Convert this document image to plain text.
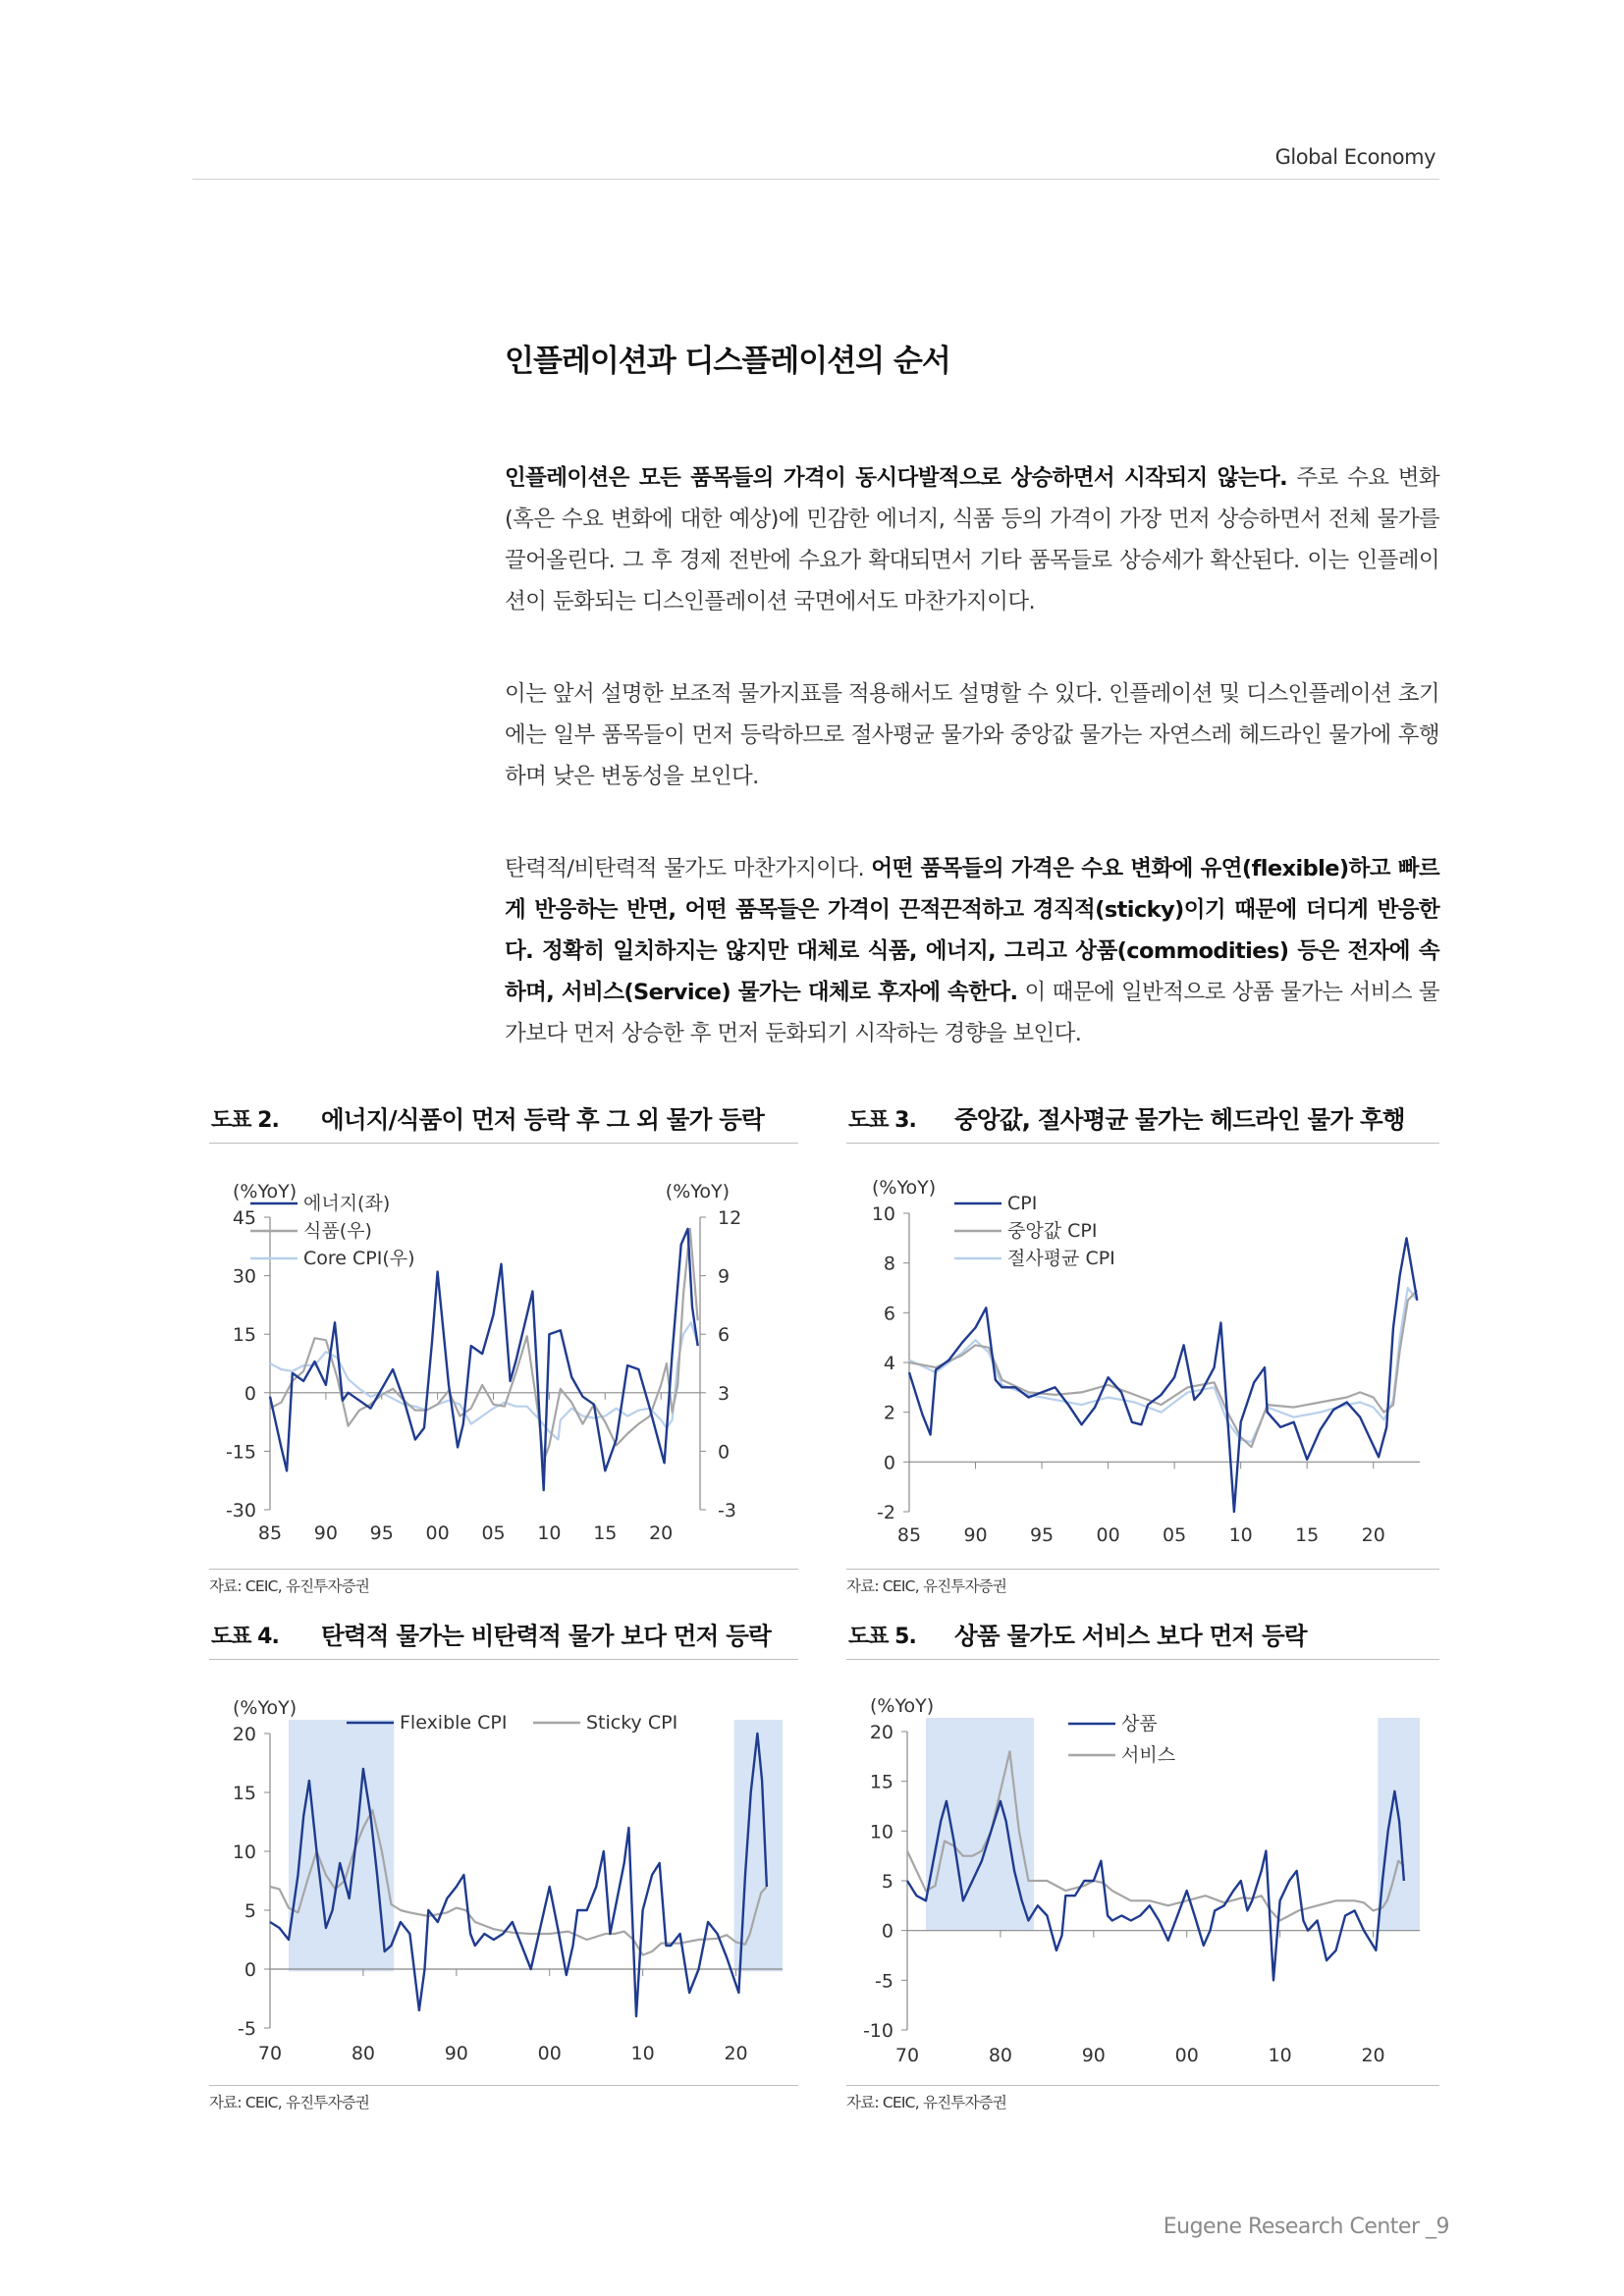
Global Economy
인플레이션과 디스플레이션의 순서

인플레이션은 모든 품목들의 가격이 동시다발적으로 상승하면서 시작되지 않는다. 주로 수요 변화(혹은 수요 변화에 대한 예상)에 민감한 에너지, 식품 등의 가격이 가장 먼저 상승하면서 전체 물가를 끌어올린다. 그 후 경제 전반에 수요가 확대되면서 기타 품목들로 상승세가 확산된다. 이는 인플레이션이 둔화되는 디스인플레이션 국면에서도 마찬가지이다.

이는 앞서 설명한 보조적 물가지표를 적용해서도 설명할 수 있다. 인플레이션 및 디스인플레이션 초기에는 일부 품목들이 먼저 등락하므로 절사평균 물가와 중앙값 물가는 자연스레 헤드라인 물가에 후행하며 낮은 변동성을 보인다.

탄력적/비탄력적 물가도 마찬가지이다. 어떤 품목들의 가격은 수요 변화에 유연(flexible)하고 빠르게 반응하는 반면, 어떤 품목들은 가격이 끈적끈적하고 경직적(sticky)이기 때문에 더디게 반응한다. 정확히 일치하지는 않지만 대체로 식품, 에너지, 그리고 상품(commodities) 등은 전자에 속하며, 서비스(Service) 물가는 대체로 후자에 속한다. 이 때문에 일반적으로 상품 물가는 서비스 물가보다 먼저 상승한 후 먼저 둔화되기 시작하는 경향을 보인다.

도표 2. 에너지/식품이 먼저 등락 후 그 외 물가 등락	도표 3. 중앙값, 절사평균 물가는 헤드라인 물가 후행
도표 4. 탄력적 물가는 비탄력적 물가 보다 먼저 등락	도표 5. 상품 물가도 서비스 보다 먼저 등락
45
30
15
0
-15
-30
12
9
6
3
0
-3
85 90 95 00 05 10 15 20
(%YoY)	(%YoY)
에너지(좌)
식품(우)
Core CPI(우)
10
8
6
4
2
0
-2
85 90 95 00 05 10 15 20
(%YoY)
CPI
중앙값 CPI
절사평균 CPI
20
15
10
5
0
-5
70	80	90	00	10	20
(%YoY)
Flexible CPI	Sticky CPI	20
15
10
5
0
-5
-10
70	80	90	00	10	20
(%YoY)
상품
서비스
자료: CEIC, 유진투자증권	자료: CEIC, 유진투자증권
자료: CEIC, 유진투자증권	자료: CEIC, 유진투자증권
Eugene Research Center _9
